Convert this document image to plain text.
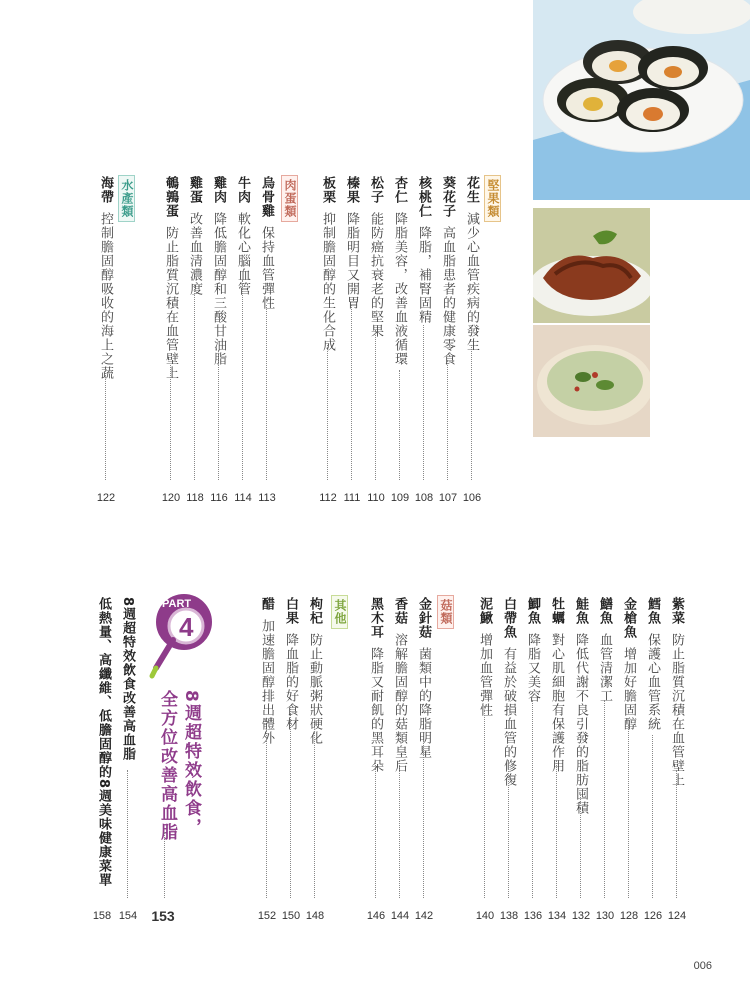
堅果類
肉蛋類
水產類
菇類
其他
花生減少心血管疾病的發生
葵花子高血脂患者的健康零食
核桃仁降脂，補腎固精
杏仁降脂美容，改善血液循環
松子能防癌抗衰老的堅果
榛果降脂明目又開胃
板栗抑制膽固醇的生化合成
烏骨雞保持血管彈性
牛肉軟化心腦血管
雞肉降低膽固醇和三酸甘油脂
雞蛋改善血清濃度
鵪鶉蛋防止脂質沉積在血管壁上
海帶控制膽固醇吸收的海上之蔬
106
107
108
109
110
111
112
113
114
116
118
120
122
紫菜防止脂質沉積在血管壁上
鱈魚保護心血管系統
金槍魚增加好膽固醇
鱔魚血管清潔工
鮭魚降低代謝不良引發的脂肪囤積
牡蠣對心肌細胞有保護作用
鯽魚降脂又美容
白帶魚有益於破損血管的修復
泥鰍增加血管彈性
金針菇菌類中的降脂明星
香菇溶解膽固醇的菇類皇后
黑木耳降脂又耐飢的黑耳朵
枸杞防止動脈粥狀硬化
白果降血脂的好食材
醋加速膽固醇排出體外
124
126
128
130
132
134
136
138
140
142
144
146
148
150
152
PART
4
8週超特效飲食，
全方位改善高血脂
153
8週超特效飲食改善高血脂
154
低熱量、高纖維、低膽固醇的8週美味健康菜單
158
006
